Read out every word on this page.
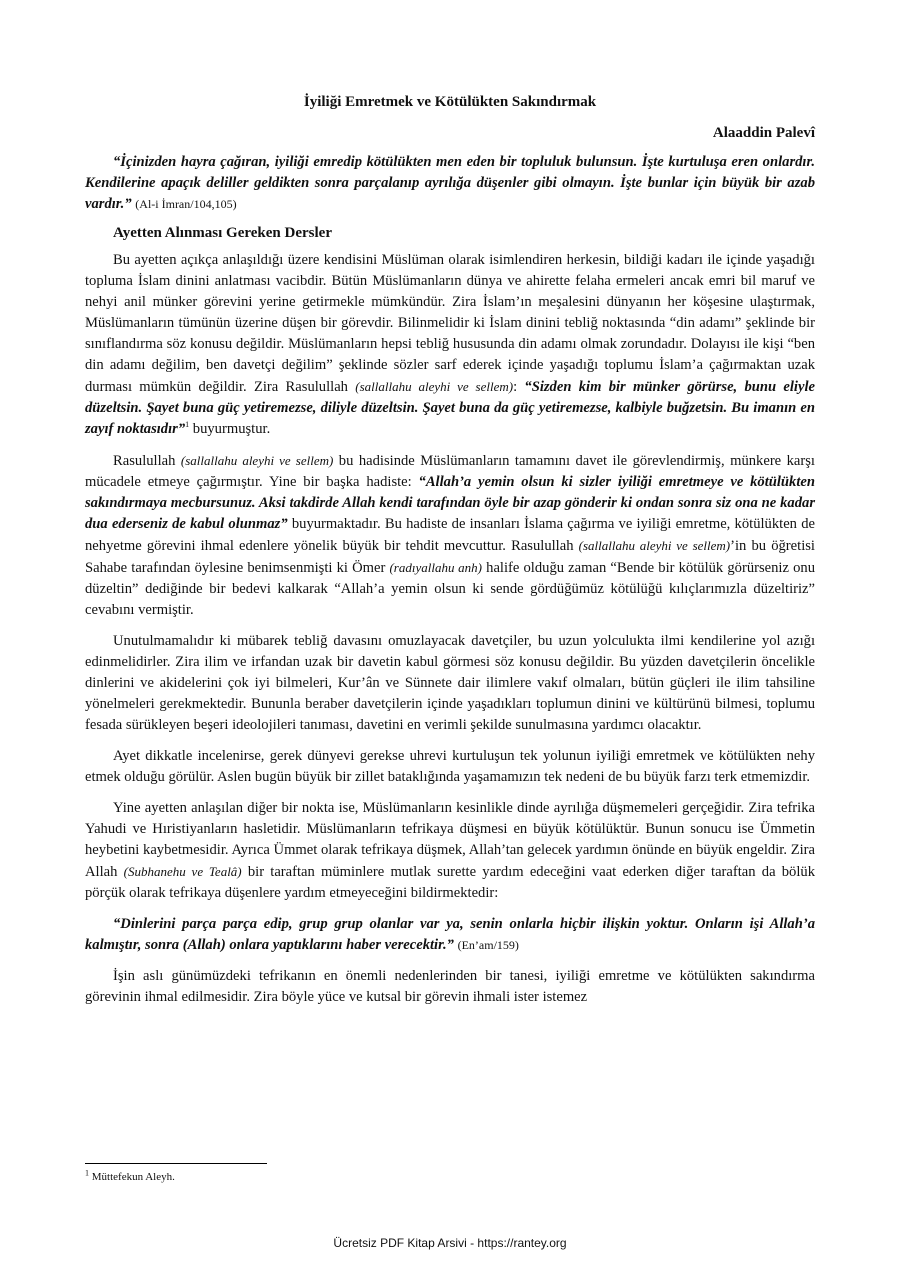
İyiliği Emretmek ve Kötülükten Sakındırmak
Alaaddin Palevî

“İçinizden hayra çağıran, iyiliği emredip kötülükten men eden bir topluluk bulunsun. İşte kurtuluşa eren onlardır. Kendilerine apaçık deliller geldikten sonra parçalanıp ayrılığa düşenler gibi olmayın. İşte bunlar için büyük bir azab vardır.” (Al-i İmran/104,105)

Ayetten Alınması Gereken Dersler

Bu ayetten açıkça anlaşıldığı üzere kendisini Müslüman olarak isimlendiren herkesin, bildiği kadarı ile içinde yaşadığı topluma İslam dinini anlatması vacibdir. Bütün Müslümanların dünya ve ahirette felaha ermeleri ancak emri bil maruf ve nehyi anil münker görevini yerine getirmekle mümkündür. Zira İslam’ın meşalesini dünyanın her köşesine ulaştırmak, Müslümanların tümünün üzerine düşen bir görevdir. Bilinmelidir ki İslam dinini tebliğ noktasında “din adamı” şeklinde bir sınıflandırma söz konusu değildir. Müslümanların hepsi tebliğ hususunda din adamı olmak zorundadır. Dolayısı ile kişi “ben din adamı değilim, ben davetçi değilim” şeklinde sözler sarf ederek içinde yaşadığı toplumu İslam’a çağırmaktan uzak durması mümkün değildir. Zira Rasulullah (sallallahu aleyhi ve sellem): “Sizden kim bir münker görürse, bunu eliyle düzeltsin. Şayet buna güç yetiremezse, diliyle düzeltsin. Şayet buna da güç yetiremezse, kalbiyle buğzetsin. Bu imanın en zayıf noktasıdır”$^1$ buyurmuştur.

Rasulullah (sallallahu aleyhi ve sellem) bu hadisinde Müslümanların tamamını davet ile görevlendirmiş, münkere karşı mücadele etmeye çağırmıştır. Yine bir başka hadiste: “Allah’a yemin olsun ki sizler iyiliği emretmeye ve kötülükten sakındırmaya mecbursunuz. Aksi takdirde Allah kendi tarafından öyle bir azap gönderir ki ondan sonra siz ona ne kadar dua ederseniz de kabul olunmaz” buyurmaktadır. Bu hadiste de insanları İslama çağırma ve iyiliği emretme, kötülükten de nehyetme görevini ihmal edenlere yönelik büyük bir tehdit mevcuttur. Rasulullah (sallallahu aleyhi ve sellem)’in bu öğretisi Sahabe tarafından öylesine benimsenmişti ki Ömer (radıyallahu anh) halife olduğu zaman “Bende bir kötülük görürseniz onu düzeltin” dediğinde bir bedevi kalkarak “Allah’a yemin olsun ki sende gördüğümüz kötülüğü kılıçlarımızla düzeltiriz” cevabını vermiştir.

Unutulmamalıdır ki mübarek tebliğ davasını omuzlayacak davetçiler, bu uzun yolculukta ilmi kendilerine yol azığı edinmelidirler. Zira ilim ve irfandan uzak bir davetin kabul görmesi söz konusu değildir. Bu yüzden davetçilerin öncelikle dinlerini ve akidelerini çok iyi bilmeleri, Kur’ân ve Sünnete dair ilimlere vakıf olmaları, bütün güçleri ile ilim tahsiline yönelmeleri gerekmektedir. Bununla beraber davetçilerin içinde yaşadıkları toplumun dinini ve kültürünü bilmesi, toplumu fesada sürükleyen beşeri ideolojileri tanıması, davetini en verimli şekilde sunulmasına yardımcı olacaktır.

Ayet dikkatle incelenirse, gerek dünyevi gerekse uhrevi kurtuluşun tek yolunun iyiliği emretmek ve kötülükten nehy etmek olduğu görülür. Aslen bugün büyük bir zillet bataklığında yaşamamızın tek nedeni de bu büyük farzı terk etmemizdir.

Yine ayetten anlaşılan diğer bir nokta ise, Müslümanların kesinlikle dinde ayrılığa düşmemeleri gerçeğidir. Zira tefrika Yahudi ve Hıristiyanların hasletidir. Müslümanların tefrikaya düşmesi en büyük kötülüktür. Bunun sonucu ise Ümmetin heybetini kaybetmesidir. Ayrıca Ümmet olarak tefrikaya düşmek, Allah’tan gelecek yardımın önünde en büyük engeldir. Zira Allah (Subhanehu ve Tealâ) bir taraftan müminlere mutlak surette yardım edeceğini vaat ederken diğer taraftan da bölük pörçük olarak tefrikaya düşenlere yardım etmeyeceğini bildirmektedir:

“Dinlerini parça parça edip, grup grup olanlar var ya, senin onlarla hiçbir ilişkin yoktur. Onların işi Allah’a kalmıştır, sonra (Allah) onlara yaptıklarını haber verecektir.” (En’am/159)

İşin aslı günümüzdeki tefrikanın en önemli nedenlerinden bir tanesi, iyiliği emretme ve kötülükten sakındırma görevinin ihmal edilmesidir. Zira böyle yüce ve kutsal bir görevin ihmali ister istemez

$^1$ Müttefekun Aleyh.
Ücretsiz PDF Kitap Arsivi - https://rantey.org
